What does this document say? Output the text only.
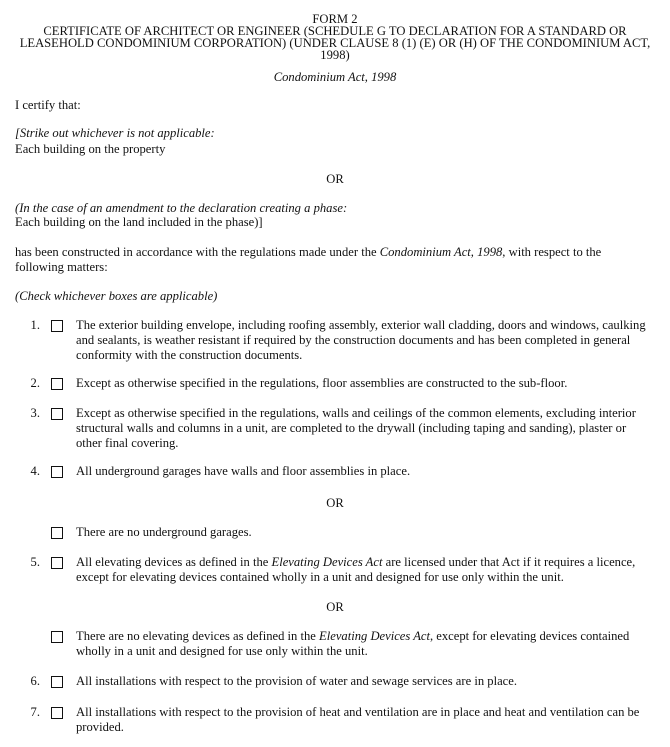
FORM 2
CERTIFICATE OF ARCHITECT OR ENGINEER (SCHEDULE G TO DECLARATION FOR A STANDARD OR
LEASEHOLD CONDOMINIUM CORPORATION) (UNDER CLAUSE 8 (1) (E) OR (H) OF THE CONDOMINIUM ACT,
1998)
Condominium Act, 1998
I certify that:
[Strike out whichever is not applicable:
Each building on the property
OR
(In the case of an amendment to the declaration creating a phase:
Each building on the land included in the phase)]
has been constructed in accordance with the regulations made under the Condominium Act, 1998, with respect to the
following matters:
(Check whichever boxes are applicable)
1.	The exterior building envelope, including roofing assembly, exterior wall cladding, doors and windows, caulking
and sealants, is weather resistant if required by the construction documents and has been completed in general
conformity with the construction documents.
2.	Except as otherwise specified in the regulations, floor assemblies are constructed to the sub-floor.
3.	Except as otherwise specified in the regulations, walls and ceilings of the common elements, excluding interior
structural walls and columns in a unit, are completed to the drywall (including taping and sanding), plaster or
other final covering.
4.	All underground garages have walls and floor assemblies in place.
OR
There are no underground garages.
5.	All elevating devices as defined in the Elevating Devices Act are licensed under that Act if it requires a licence,
except for elevating devices contained wholly in a unit and designed for use only within the unit.
OR
There are no elevating devices as defined in the Elevating Devices Act, except for elevating devices contained
wholly in a unit and designed for use only within the unit.
6.	All installations with respect to the provision of water and sewage services are in place.
7.	All installations with respect to the provision of heat and ventilation are in place and heat and ventilation can be
provided.
